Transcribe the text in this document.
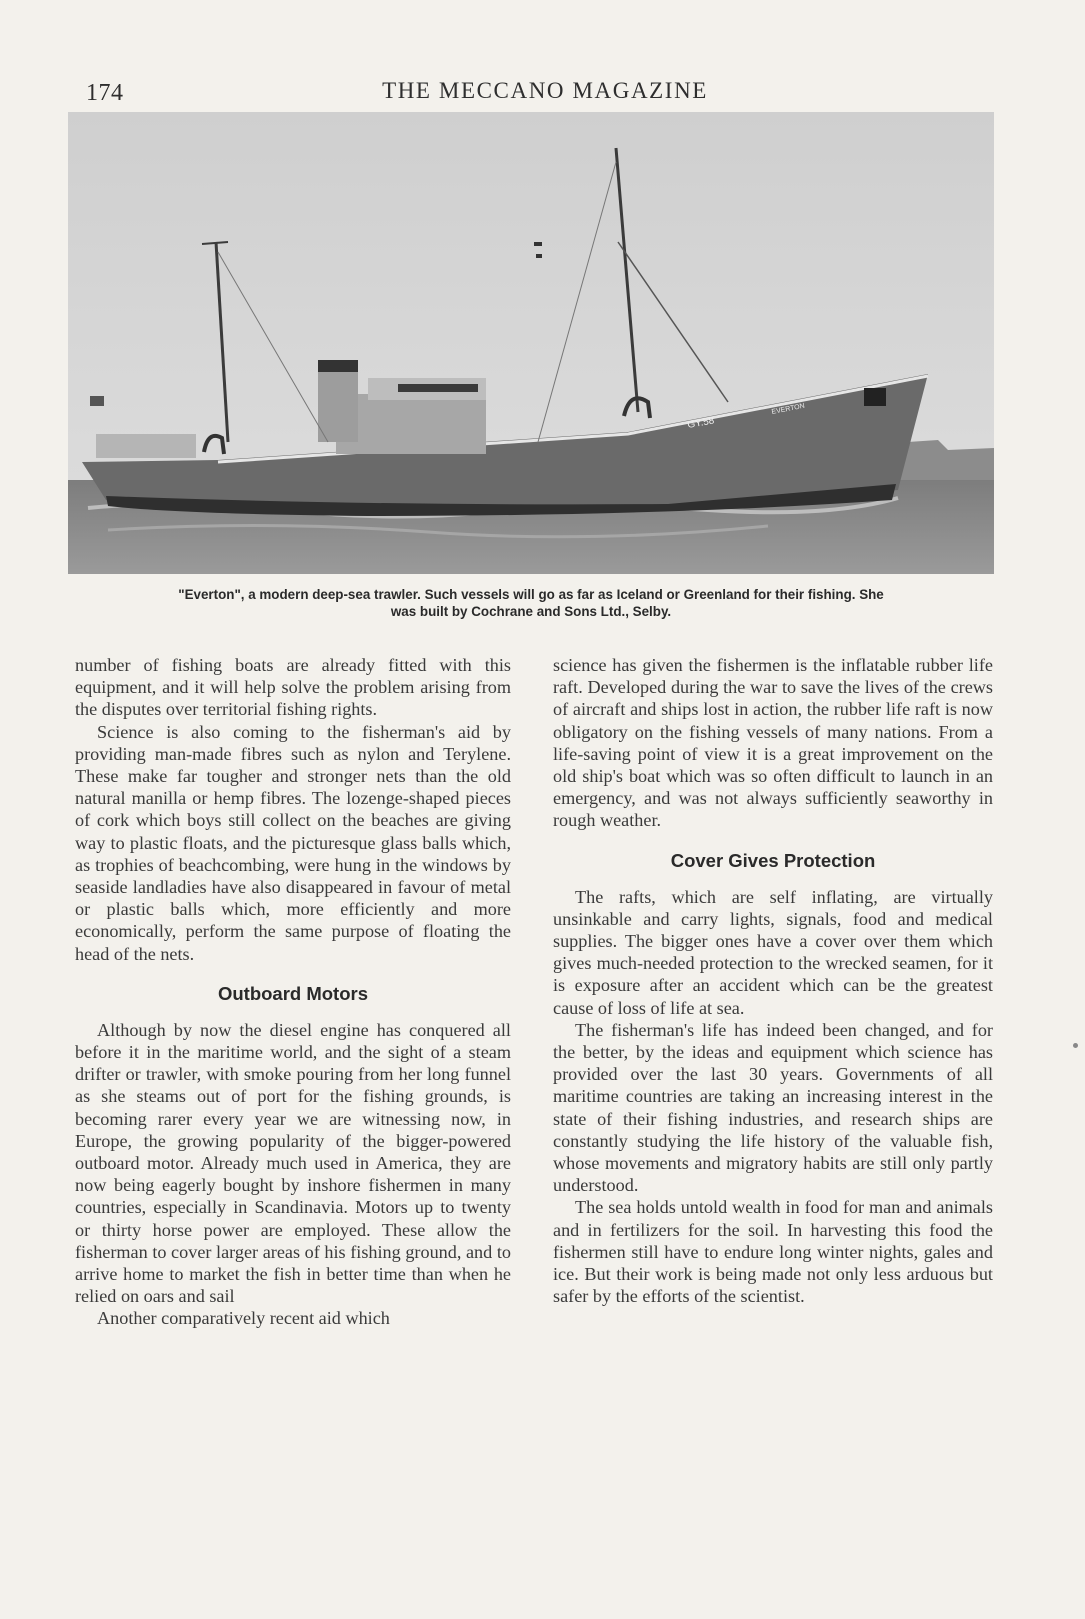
174	THE MECCANO MAGAZINE
GY.58
EVERTON
"Everton", a modern deep-sea trawler. Such vessels will go as far as Iceland or Greenland for their fishing. She
was built by Cochrane and Sons Ltd., Selby.

number of fishing boats are already fitted with this equipment, and it will help solve the problem arising from the disputes over territorial fishing rights.

Science is also coming to the fisherman's aid by providing man-made fibres such as nylon and Terylene. These make far tougher and stronger nets than the old natural manilla or hemp fibres. The lozenge-shaped pieces of cork which boys still collect on the beaches are giving way to plastic floats, and the picturesque glass balls which, as trophies of beachcombing, were hung in the windows by seaside landladies have also disappeared in favour of metal or plastic balls which, more efficiently and more economically, perform the same purpose of floating the head of the nets.

Outboard Motors

Although by now the diesel engine has conquered all before it in the maritime world, and the sight of a steam drifter or trawler, with smoke pouring from her long funnel as she steams out of port for the fishing grounds, is becoming rarer every year we are witnessing now, in Europe, the growing popularity of the bigger-powered outboard motor. Already much used in America, they are now being eagerly bought by inshore fishermen in many countries, especially in Scandinavia. Motors up to twenty or thirty horse power are employed. These allow the fisherman to cover larger areas of his fishing ground, and to arrive home to market the fish in better time than when he relied on oars and sail

Another comparatively recent aid which

science has given the fishermen is the inflatable rubber life raft. Developed during the war to save the lives of the crews of aircraft and ships lost in action, the rubber life raft is now obligatory on the fishing vessels of many nations. From a life-saving point of view it is a great improvement on the old ship's boat which was so often difficult to launch in an emergency, and was not always sufficiently seaworthy in rough weather.

Cover Gives Protection

The rafts, which are self inflating, are virtually unsinkable and carry lights, signals, food and medical supplies. The bigger ones have a cover over them which gives much-needed protection to the wrecked seamen, for it is exposure after an accident which can be the greatest cause of loss of life at sea.

The fisherman's life has indeed been changed, and for the better, by the ideas and equipment which science has provided over the last 30 years. Governments of all maritime countries are taking an increasing interest in the state of their fishing industries, and research ships are constantly studying the life history of the valuable fish, whose movements and migratory habits are still only partly understood.

The sea holds untold wealth in food for man and animals and in fertilizers for the soil. In harvesting this food the fishermen still have to endure long winter nights, gales and ice. But their work is being made not only less arduous but safer by the efforts of the scientist.
